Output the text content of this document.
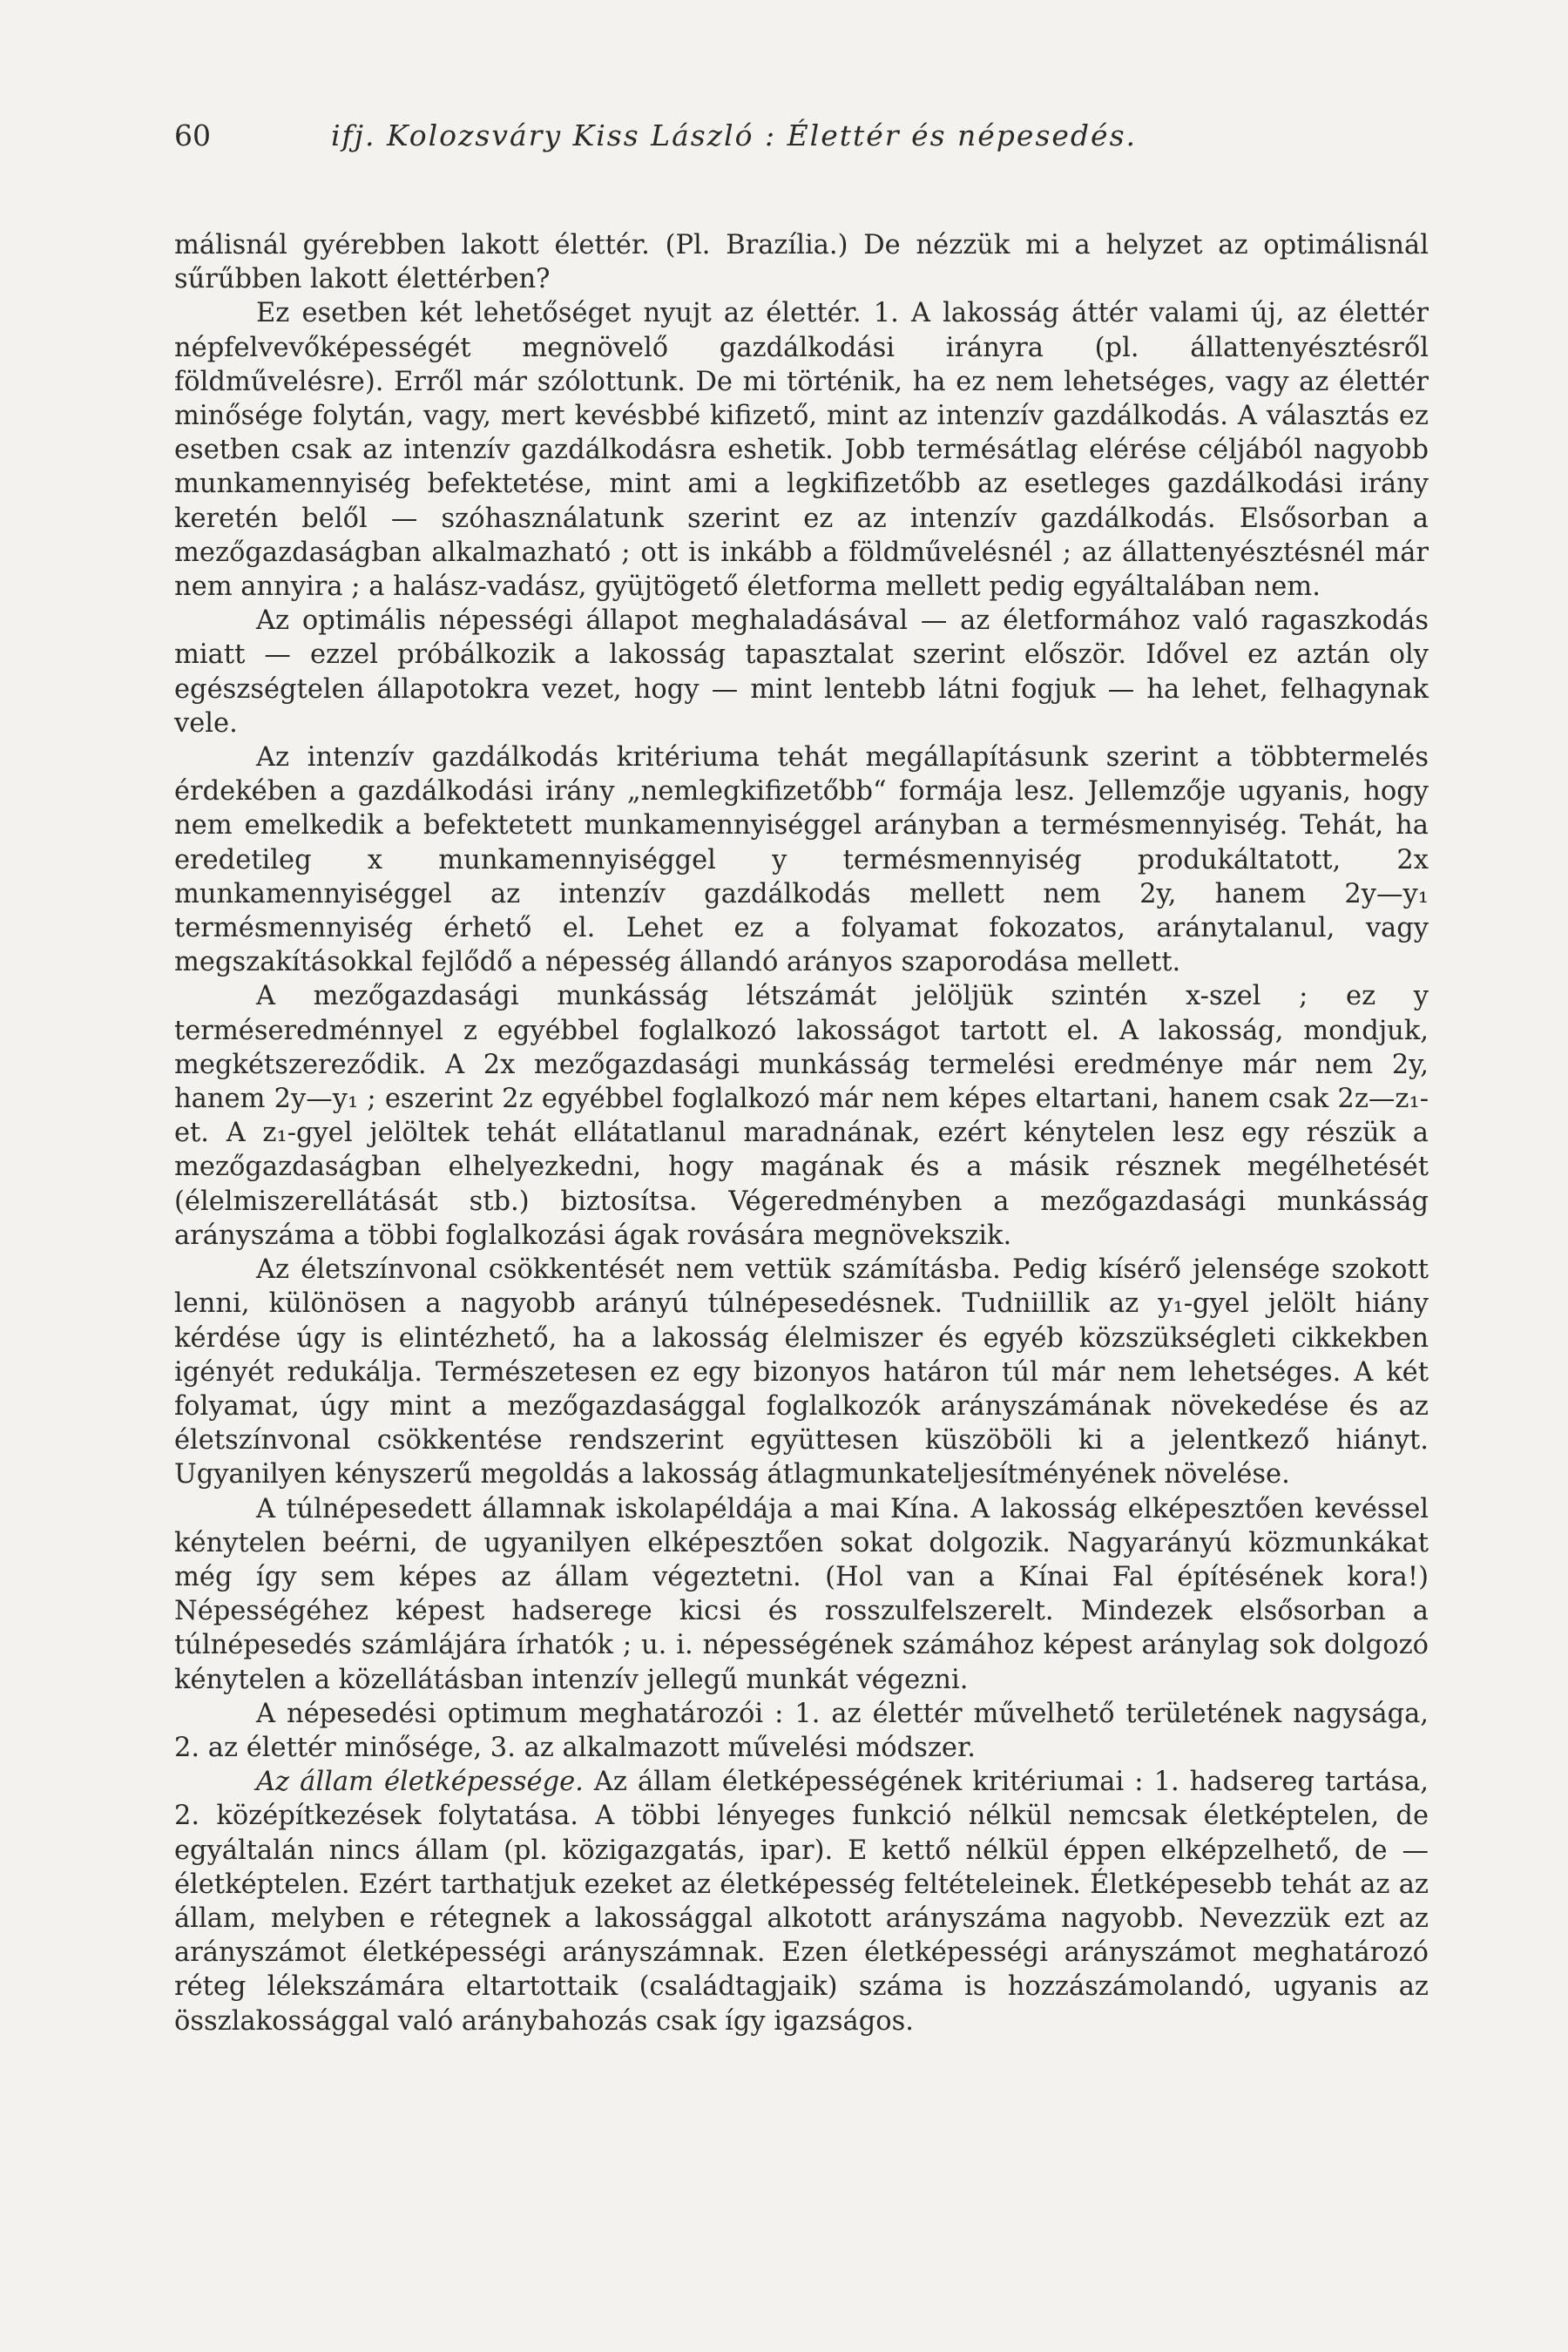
60	ifj. Kolozsváry Kiss László : Élettér és népesedés.

málisnál gyérebben lakott élettér. (Pl. Brazília.) De nézzük mi a helyzet az optimálisnál sűrűbben lakott élettérben?

Ez esetben két lehetőséget nyujt az élettér. 1. A lakosság áttér valami új, az élettér népfelvevőképességét megnövelő gazdálkodási irányra (pl. állattenyésztésről földművelésre). Erről már szólottunk. De mi történik, ha ez nem lehetséges, vagy az élettér minősége folytán, vagy, mert kevésbbé kifizető, mint az intenzív gazdálkodás. A választás ez esetben csak az intenzív gazdálkodásra eshetik. Jobb termésátlag elérése céljából nagyobb munkamennyiség befektetése, mint ami a legkifizetőbb az esetleges gazdálkodási irány keretén belől — szóhasználatunk szerint ez az intenzív gazdálkodás. Elsősorban a mezőgazdaságban alkalmazható ; ott is inkább a földművelésnél ; az állattenyésztésnél már nem annyira ; a halász-vadász, gyüjtögető életforma mellett pedig egyáltalában nem.

Az optimális népességi állapot meghaladásával — az életformához való ragaszkodás miatt — ezzel próbálkozik a lakosság tapasztalat szerint először. Idővel ez aztán oly egészségtelen állapotokra vezet, hogy — mint lentebb látni fogjuk — ha lehet, felhagynak vele.

Az intenzív gazdálkodás kritériuma tehát megállapításunk szerint a többtermelés érdekében a gazdálkodási irány „nemlegkifizetőbb“ formája lesz. Jellemzője ugyanis, hogy nem emelkedik a befektetett munkamennyiséggel arányban a termésmennyiség. Tehát, ha eredetileg x munkamennyiséggel y termésmennyiség produkáltatott, 2x munkamennyiséggel az intenzív gazdálkodás mellett nem 2y, hanem 2y—y₁ termésmennyiség érhető el. Lehet ez a folyamat fokozatos, aránytalanul, vagy megszakításokkal fejlődő a népesség állandó arányos szaporodása mellett.

A mezőgazdasági munkásság létszámát jelöljük szintén x-szel ; ez y terméseredménnyel z egyébbel foglalkozó lakosságot tartott el. A lakosság, mondjuk, megkétszereződik. A 2x mezőgazdasági munkásság termelési eredménye már nem 2y, hanem 2y—y₁ ; eszerint 2z egyébbel foglalkozó már nem képes eltartani, hanem csak 2z—z₁-et. A z₁-gyel jelöltek tehát ellátatlanul maradnának, ezért kénytelen lesz egy részük a mezőgazdaságban elhelyezkedni, hogy magának és a másik résznek megélhetését (élelmiszerellátását stb.) biztosítsa. Végeredményben a mezőgazdasági munkásság arányszáma a többi foglalkozási ágak rovására megnövekszik.

Az életszínvonal csökkentését nem vettük számításba. Pedig kísérő jelensége szokott lenni, különösen a nagyobb arányú túlnépesedésnek. Tudniillik az y₁-gyel jelölt hiány kérdése úgy is elintézhető, ha a lakosság élelmiszer és egyéb közszükségleti cikkekben igényét redukálja. Természetesen ez egy bizonyos határon túl már nem lehetséges. A két folyamat, úgy mint a mezőgazdasággal foglalkozók arányszámának növekedése és az életszínvonal csökkentése rendszerint együttesen küszöböli ki a jelentkező hiányt. Ugyanilyen kényszerű megoldás a lakosság átlagmunkateljesítményének növelése.

A túlnépesedett államnak iskolapéldája a mai Kína. A lakosság elképesztően kevéssel kénytelen beérni, de ugyanilyen elképesztően sokat dolgozik. Nagyarányú közmunkákat még így sem képes az állam végeztetni. (Hol van a Kínai Fal építésének kora!) Népességéhez képest hadserege kicsi és rosszulfelszerelt. Mindezek elsősorban a túlnépesedés számlájára írhatók ; u. i. népességének számához képest aránylag sok dolgozó kénytelen a közellátásban intenzív jellegű munkát végezni.

A népesedési optimum meghatározói : 1. az élettér művelhető területének nagysága, 2. az élettér minősége, 3. az alkalmazott művelési módszer.

Az állam életképessége. Az állam életképességének kritériumai : 1. hadsereg tartása, 2. középítkezések folytatása. A többi lényeges funkció nélkül nemcsak életképtelen, de egyáltalán nincs állam (pl. közigazgatás, ipar). E kettő nélkül éppen elképzelhető, de — életképtelen. Ezért tarthatjuk ezeket az életképesség feltételeinek. Életképesebb tehát az az állam, melyben e rétegnek a lakossággal alkotott arányszáma nagyobb. Nevezzük ezt az arányszámot életképességi arányszámnak. Ezen életképességi arányszámot meghatározó réteg lélekszámára eltartottaik (családtagjaik) száma is hozzászámolandó, ugyanis az összlakossággal való aránybahozás csak így igazságos.
